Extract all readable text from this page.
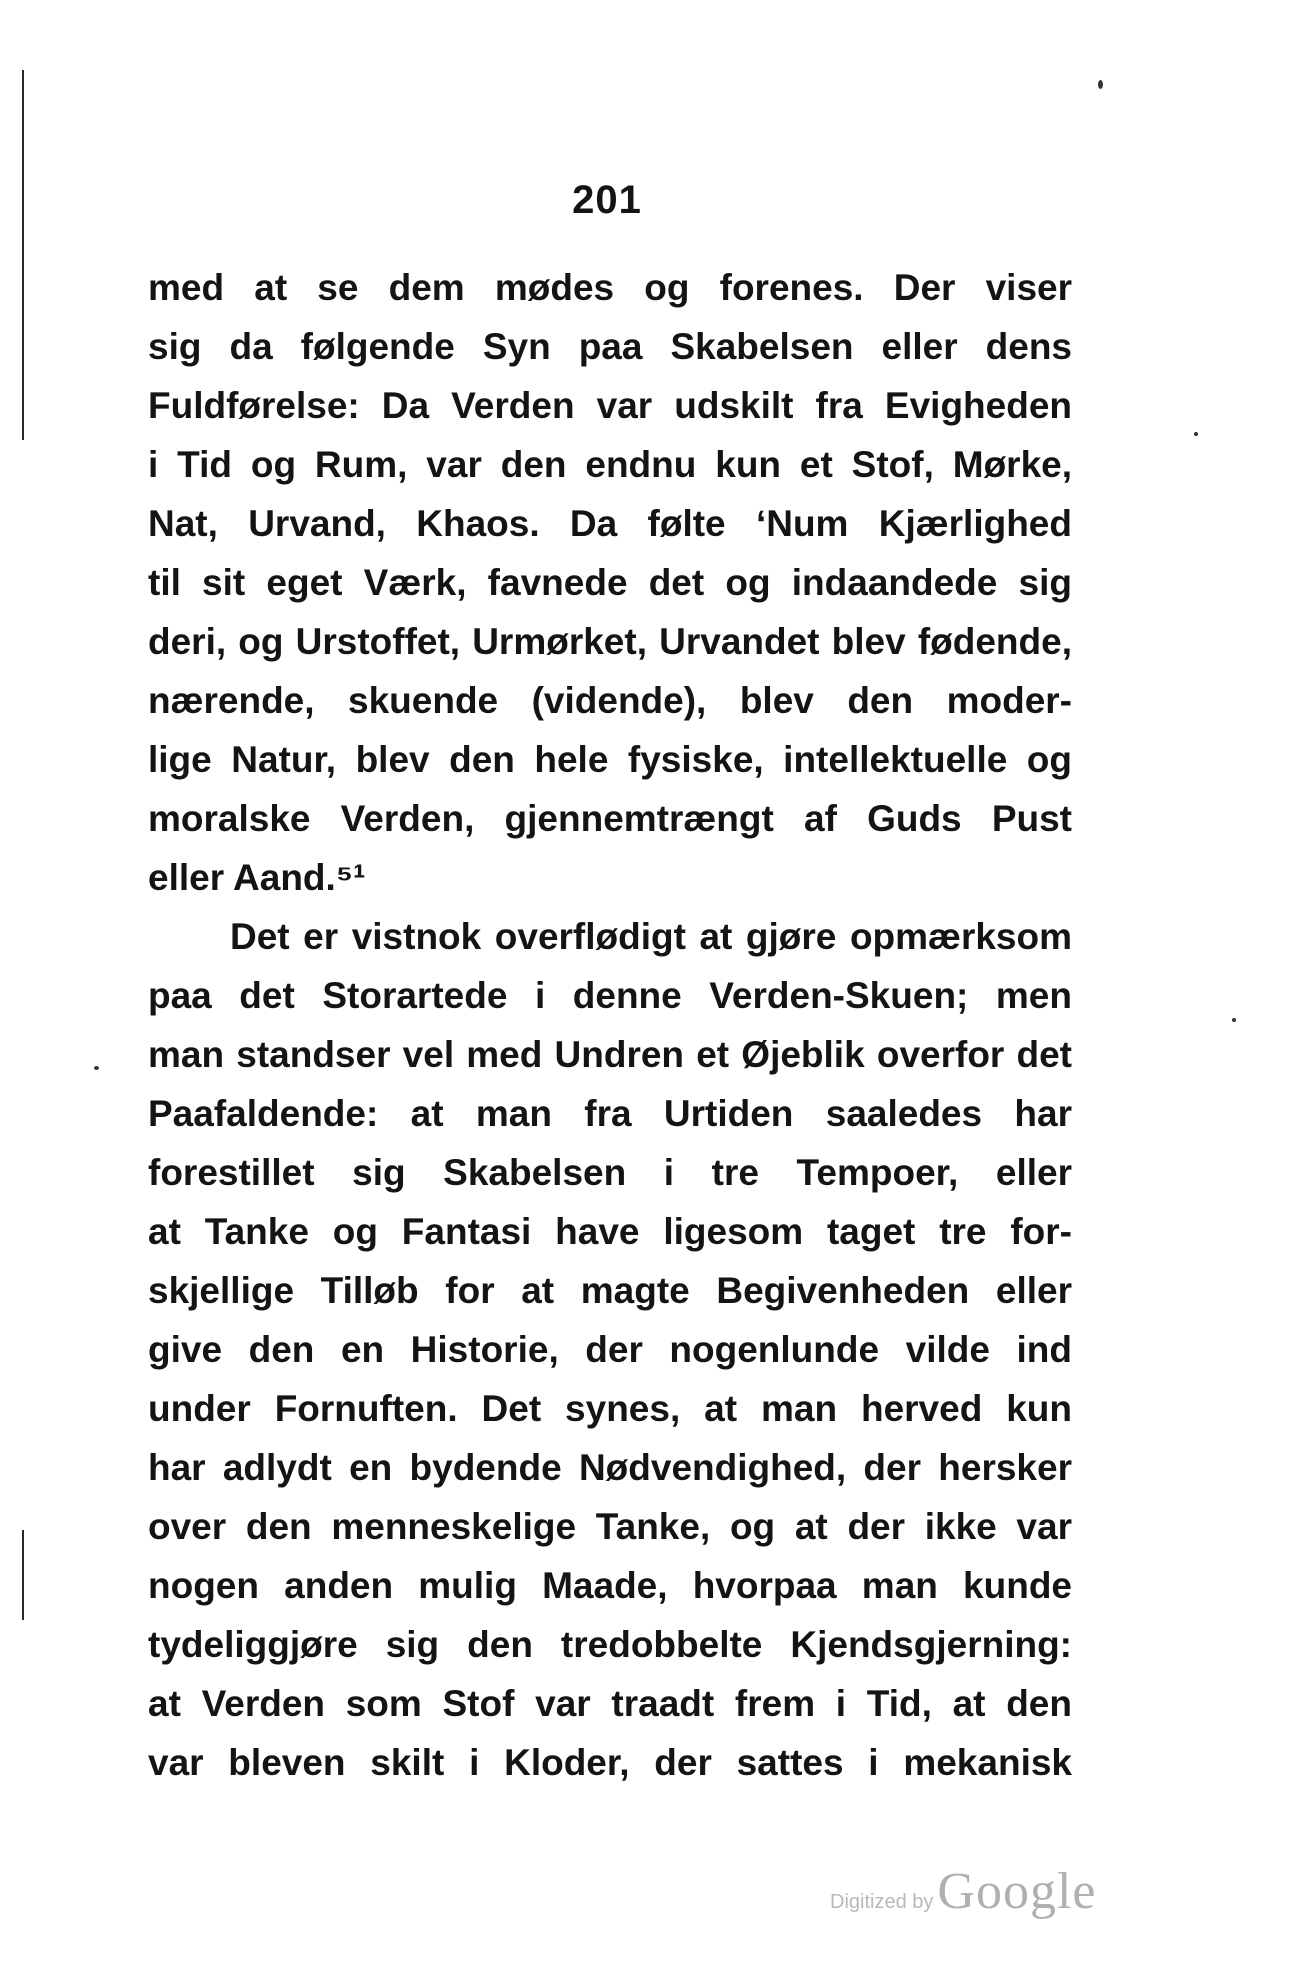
201
med at se dem mødes og forenes. Der viser
sig da følgende Syn paa Skabelsen eller dens
Fuldførelse: Da Verden var udskilt fra Evigheden
i Tid og Rum, var den endnu kun et Stof, Mørke,
Nat, Urvand, Khaos. Da følte ‘Num Kjærlighed
til sit eget Værk, favnede det og indaandede sig
deri, og Urstoffet, Urmørket, Urvandet blev fødende,
nærende, skuende (vidende), blev den moder-
lige Natur, blev den hele fysiske, intellektuelle og
moralske Verden, gjennemtrængt af Guds Pust
eller Aand.⁵¹
Det er vistnok overflødigt at gjøre opmærksom
paa det Storartede i denne Verden-Skuen; men
man standser vel med Undren et Øjeblik overfor det
Paafaldende: at man fra Urtiden saaledes har
forestillet sig Skabelsen i tre Tempoer, eller
at Tanke og Fantasi have ligesom taget tre for-
skjellige Tilløb for at magte Begivenheden eller
give den en Historie, der nogenlunde vilde ind
under Fornuften. Det synes, at man herved kun
har adlydt en bydende Nødvendighed, der hersker
over den menneskelige Tanke, og at der ikke var
nogen anden mulig Maade, hvorpaa man kunde
tydeliggjøre sig den tredobbelte Kjendsgjerning:
at Verden som Stof var traadt frem i Tid, at den
var bleven skilt i Kloder, der sattes i mekanisk
Digitized by Google
